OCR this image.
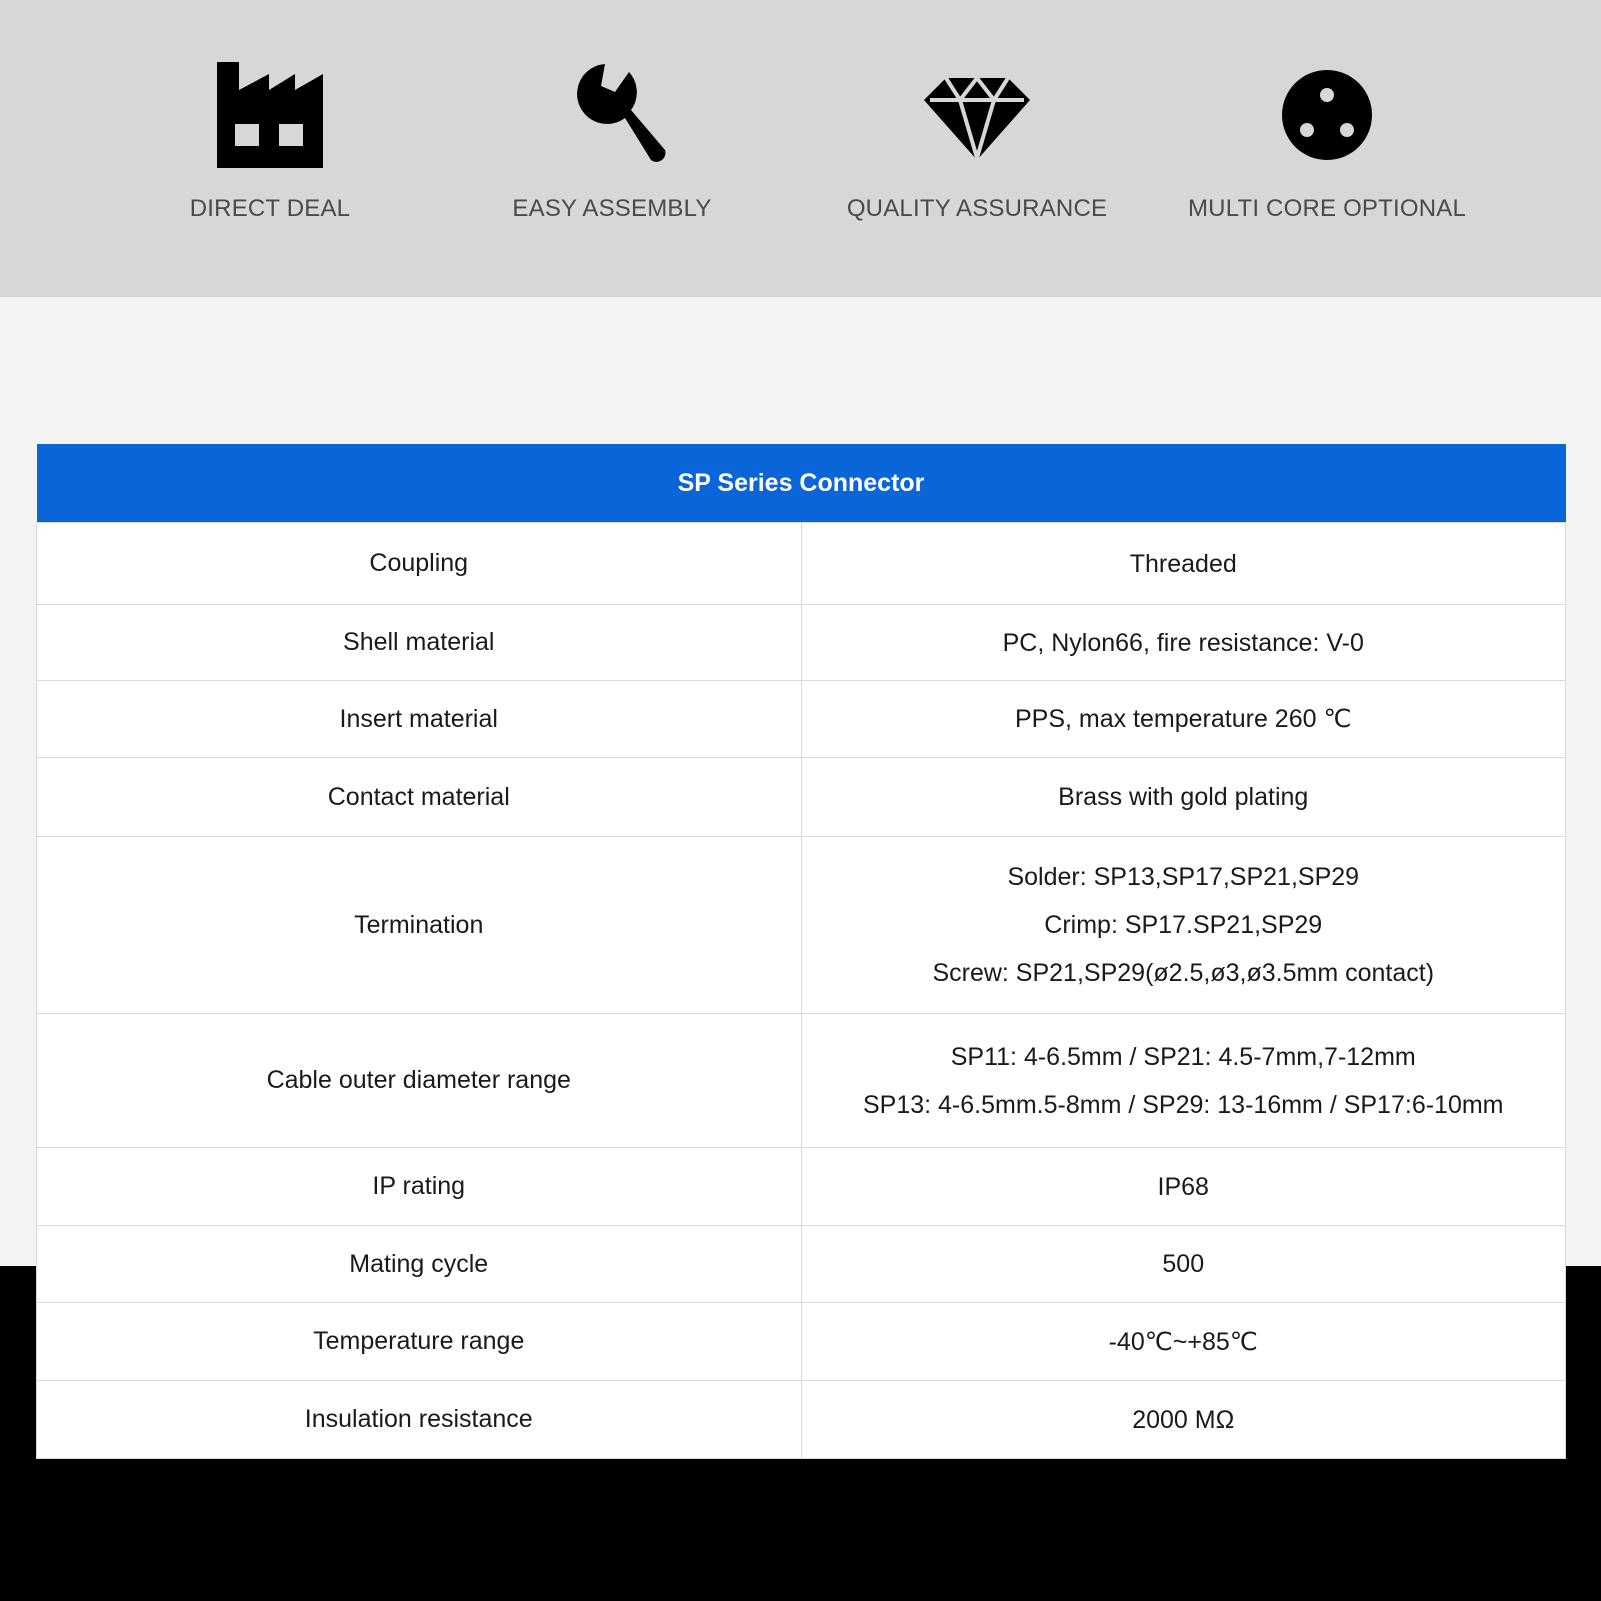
DIRECT DEAL	EASY ASSEMBLY	QUALITY ASSURANCE	MULTI CORE OPTIONAL
SP Series Connector	
Coupling	Threaded

Shell material	PC, Nylon66, fire resistance: V-0

Insert material	PPS, max temperature 260 ℃

Contact material	Brass with gold plating

Termination	Solder: SP13,SP17,SP21,SP29
Crimp: SP17.SP21,SP29
Screw: SP21,SP29(ø2.5,ø3,ø3.5mm contact)

Cable outer diameter range	SP11: 4-6.5mm / SP21: 4.5-7mm,7-12mm
SP13: 4-6.5mm.5-8mm / SP29: 13-16mm / SP17:6-10mm

IP rating	IP68

Mating cycle	500

Temperature range	-40℃~+85℃

Insulation resistance	2000 MΩ
